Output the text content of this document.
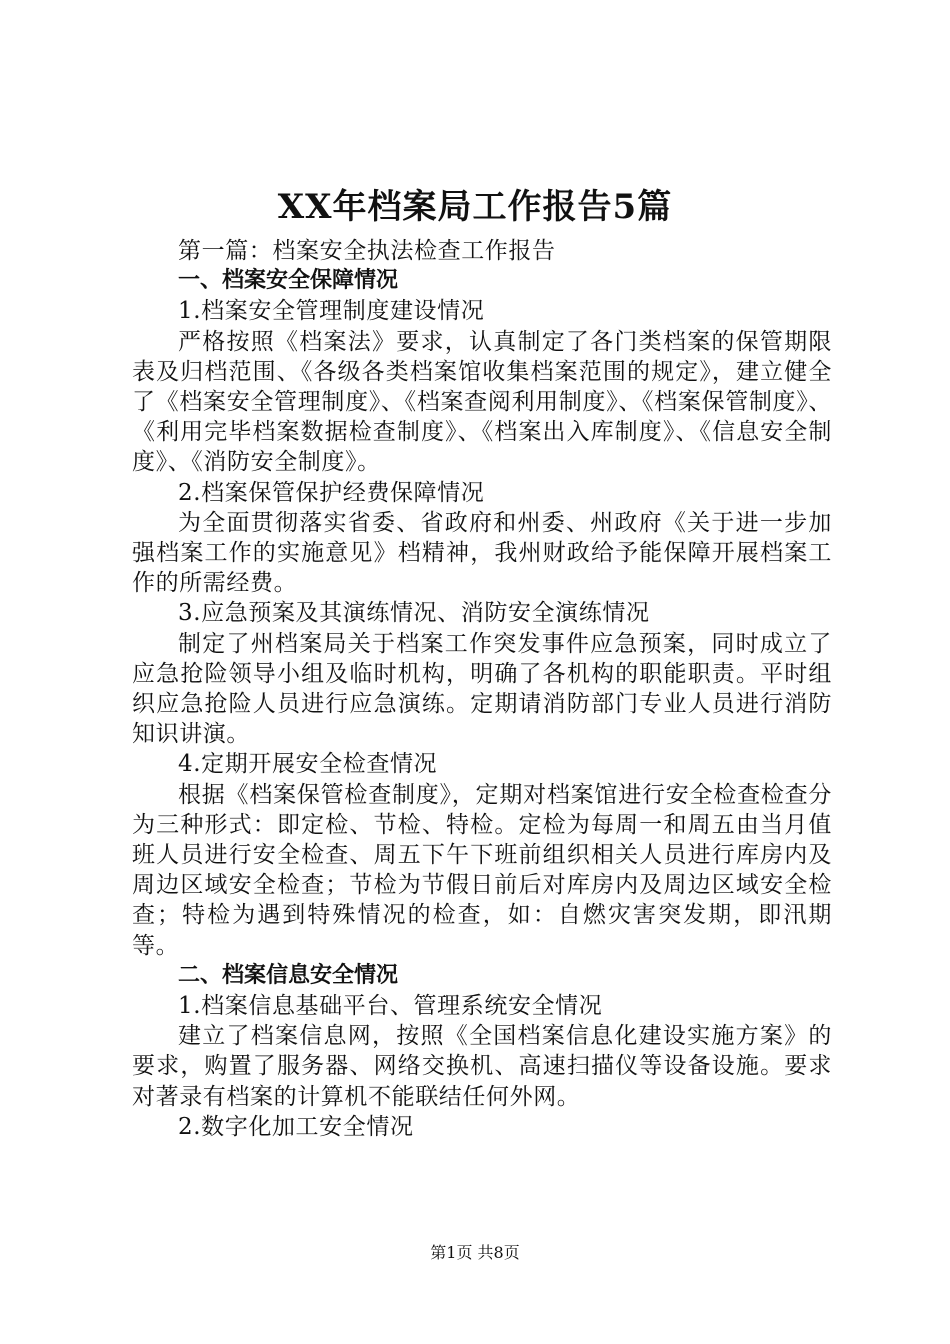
XX年档案局工作报告5篇

第一篇：档案安全执法检查工作报告

一、档案安全保障情况

1.档案安全管理制度建设情况

严格按照《档案法》要求，认真制定了各门类档案的保管期限表及归档范围、《各级各类档案馆收集档案范围的规定》，建立健全了《档案安全管理制度》、《档案查阅利用制度》、《档案保管制度》、《利用完毕档案数据检查制度》、《档案出入库制度》、《信息安全制度》、《消防安全制度》。

2.档案保管保护经费保障情况

为全面贯彻落实省委、省政府和州委、州政府《关于进一步加强档案工作的实施意见》档精神，我州财政给予能保障开展档案工作的所需经费。

3.应急预案及其演练情况、消防安全演练情况

制定了州档案局关于档案工作突发事件应急预案，同时成立了应急抢险领导小组及临时机构，明确了各机构的职能职责。平时组织应急抢险人员进行应急演练。定期请消防部门专业人员进行消防知识讲演。

4.定期开展安全检查情况

根据《档案保管检查制度》，定期对档案馆进行安全检查检查分为三种形式：即定检、节检、特检。定检为每周一和周五由当月值班人员进行安全检查、周五下午下班前组织相关人员进行库房内及周边区域安全检查；节检为节假日前后对库房内及周边区域安全检查；特检为遇到特殊情况的检查，如：自燃灾害突发期，即汛期等。

二、档案信息安全情况

1.档案信息基础平台、管理系统安全情况

建立了档案信息网，按照《全国档案信息化建设实施方案》的要求，购置了服务器、网络交换机、高速扫描仪等设备设施。要求对著录有档案的计算机不能联结任何外网。

2.数字化加工安全情况

第1页 共8页
